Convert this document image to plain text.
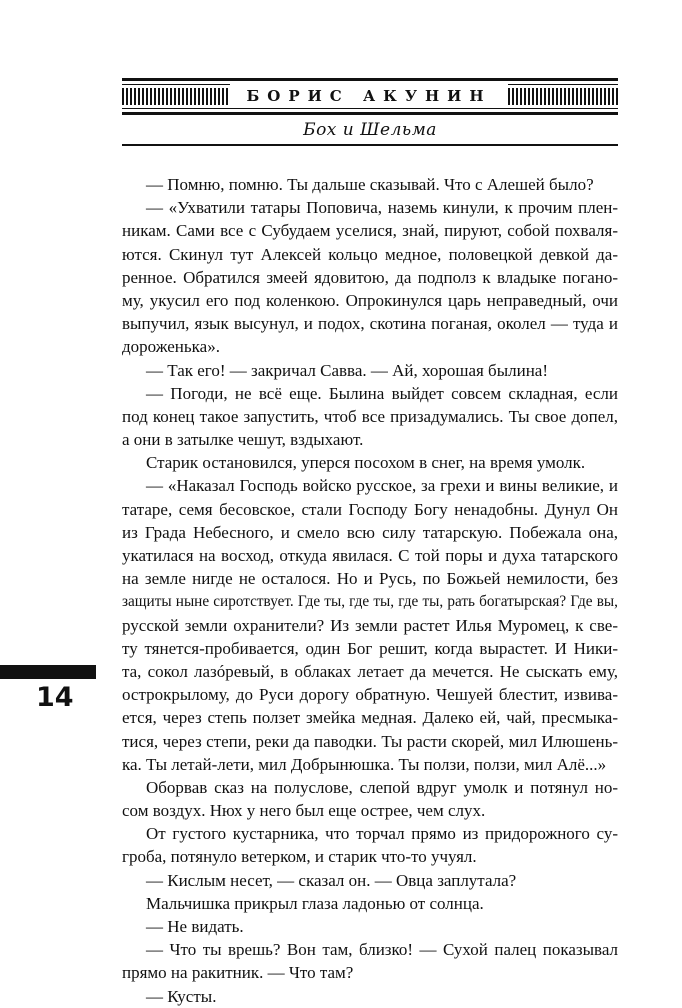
БОРИС АКУНИН
Бох и Шельма
— Помню, помню. Ты дальше сказывай. Что с Алешей было?
— «Ухватили татары Поповича, наземь кинули, к прочим плен-
никам. Сами все с Субудаем уселися, знай, пируют, собой похваля-
ются. Скинул тут Алексей кольцо медное, половецкой девкой да-
ренное. Обратился змеей ядовитою, да подполз к владыке погано-
му, укусил его под коленкою. Опрокинулся царь неправедный, очи
выпучил, язык высунул, и подох, скотина поганая, околел — туда и
дороженька».
— Так его! — закричал Савва. — Ай, хорошая былина!
— Погоди, не всё еще. Былина выйдет совсем складная, если
под конец такое запустить, чтоб все призадумались. Ты свое допел,
а они в затылке чешут, вздыхают.
Старик остановился, уперся посохом в снег, на время умолк.
— «Наказал Господь войско русское, за грехи и вины великие, и
татаре, семя бесовское, стали Господу Богу ненадобны. Дунул Он
из Града Небесного, и смело всю силу татарскую. Побежала она,
укатилася на восход, откуда явилася. С той поры и духа татарского
на земле нигде не осталося. Но и Русь, по Божьей немилости, без
защиты ныне сиротствует. Где ты, где ты, где ты, рать богатырская? Где вы,
русской земли охранители? Из земли растет Илья Муромец, к све-
ту тянется-пробивается, один Бог решит, когда вырастет. И Ники-
та, сокол лазóревый, в облаках летает да мечется. Не сыскать ему,
острокрылому, до Руси дорогу обратную. Чешуей блестит, извива-
ется, через степь ползет змейка медная. Далеко ей, чай, пресмыка-
тися, через степи, реки да паводки. Ты расти скорей, мил Илюшень-
ка. Ты летай-лети, мил Добрынюшка. Ты ползи, ползи, мил Алё...»
Оборвав сказ на полуслове, слепой вдруг умолк и потянул но-
сом воздух. Нюх у него был еще острее, чем слух.
От густого кустарника, что торчал прямо из придорожного су-
гроба, потянуло ветерком, и старик что-то учуял.
— Кислым несет, — сказал он. — Овца заплутала?
Мальчишка прикрыл глаза ладонью от солнца.
— Не видать.
— Что ты врешь? Вон там, близко! — Сухой палец показывал
прямо на ракитник. — Что там?
— Кусты.
14
